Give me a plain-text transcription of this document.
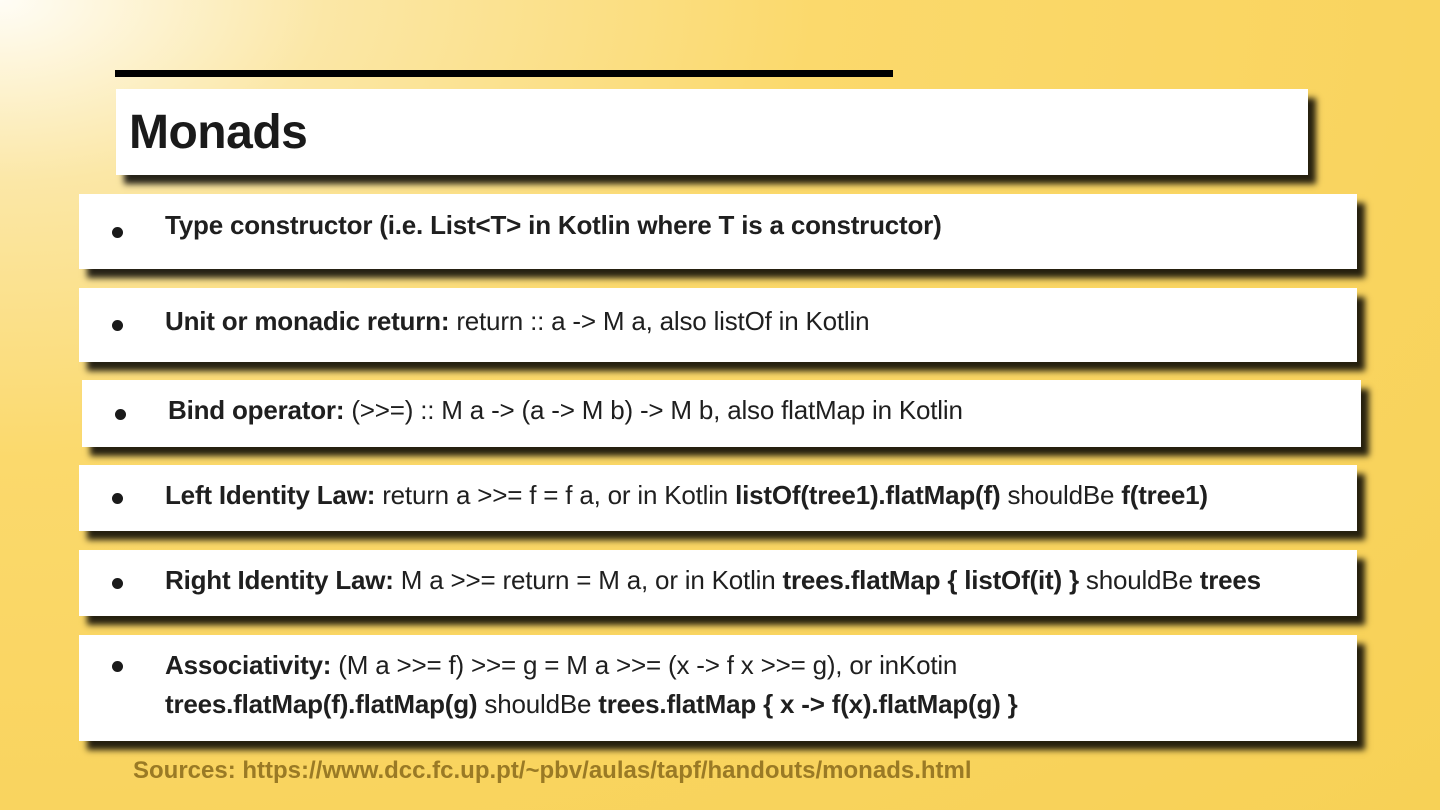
Monads
Type constructor (i.e. List<T> in Kotlin where T is a constructor)
Unit or monadic return: return :: a -> M a, also listOf in Kotlin
Bind operator: (>>=) :: M a -> (a -> M b) -> M b, also flatMap in Kotlin
Left Identity Law: return a >>= f = f a, or in Kotlin listOf(tree1).flatMap(f) shouldBe f(tree1)
Right Identity Law: M a >>= return = M a, or in Kotlin trees.flatMap { listOf(it) } shouldBe trees
Associativity: (M a >>= f) >>= g = M a >>= (x -> f x >>= g), or inKotin
trees.flatMap(f).flatMap(g) shouldBe trees.flatMap { x -> f(x).flatMap(g) }

Sources: https://www.dcc.fc.up.pt/~pbv/aulas/tapf/handouts/monads.html
